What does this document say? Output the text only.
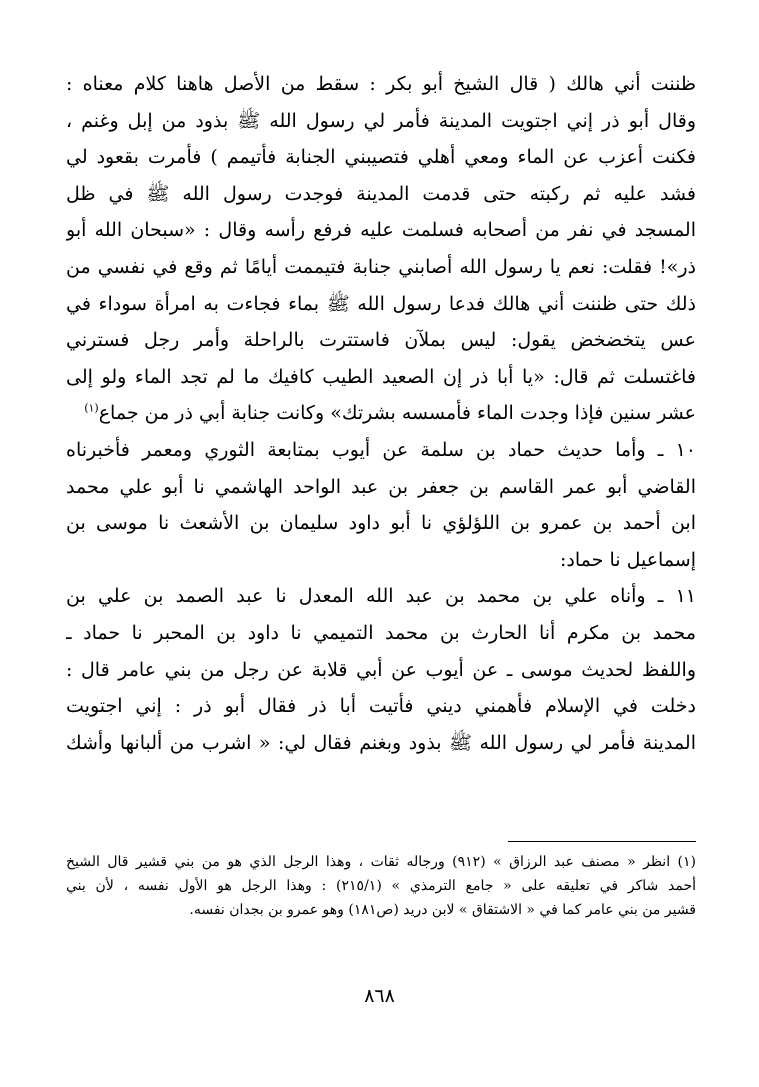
ظننت أني هالك ( قال الشيخ أبو بكر : سقط من الأصل هاهنا كلام معناه :
وقال أبو ذر إني اجتويت المدينة فأمر لي رسول الله ﷺ بذود من إبل وغنم ،
فكنت أعزب عن الماء ومعي أهلي فتصيبني الجنابة فأتيمم ) فأمرت بقعود لي
فشد عليه ثم ركبته حتى قدمت المدينة فوجدت رسول الله ﷺ في ظل
المسجد في نفر من أصحابه فسلمت عليه فرفع رأسه وقال : «سبحان الله أبو
ذر»! فقلت: نعم يا رسول الله أصابني جنابة فتيممت أيامًا ثم وقع في نفسي من
ذلك حتى ظننت أني هالك فدعا رسول الله ﷺ بماء فجاءت به امرأة سوداء في
عس يتخضخض يقول: ليس بملآن فاستترت بالراحلة وأمر رجل فسترني
فاغتسلت ثم قال: «يا أبا ذر إن الصعيد الطيب كافيك ما لم تجد الماء ولو إلى
عشر سنين فإذا وجدت الماء فأمسسه بشرتك» وكانت جنابة أبي ذر من جماع$^{(١)}$

١٠ ـ وأما حديث حماد بن سلمة عن أيوب بمتابعة الثوري ومعمر فأخبرناه
القاضي أبو عمر القاسم بن جعفر بن عبد الواحد الهاشمي نا أبو علي محمد
ابن أحمد بن عمرو بن اللؤلؤي نا أبو داود سليمان بن الأشعث نا موسى بن
إسماعيل نا حماد:

١١ ـ وأناه علي بن محمد بن عبد الله المعدل نا عبد الصمد بن علي بن
محمد بن مكرم أنا الحارث بن محمد التميمي نا داود بن المحبر نا حماد ـ
واللفظ لحديث موسى ـ عن أيوب عن أبي قلابة عن رجل من بني عامر قال :
دخلت في الإسلام فأهمني ديني فأتيت أبا ذر فقال أبو ذر : إني اجتويت
المدينة فأمر لي رسول الله ﷺ بذود وبغنم فقال لي: « اشرب من ألبانها وأشك

(١) انظر « مصنف عبد الرزاق » (٩١٢) ورجاله ثقات ، وهذا الرجل الذي هو من بني قشير قال الشيخ
أحمد شاكر في تعليقه على « جامع الترمذي » (٢١٥/١) : وهذا الرجل هو الأول نفسه ، لأن بني
قشير من بني عامر كما في « الاشتقاق » لابن دريد (ص١٨١) وهو عمرو بن بجدان نفسه.
٨٦٨
